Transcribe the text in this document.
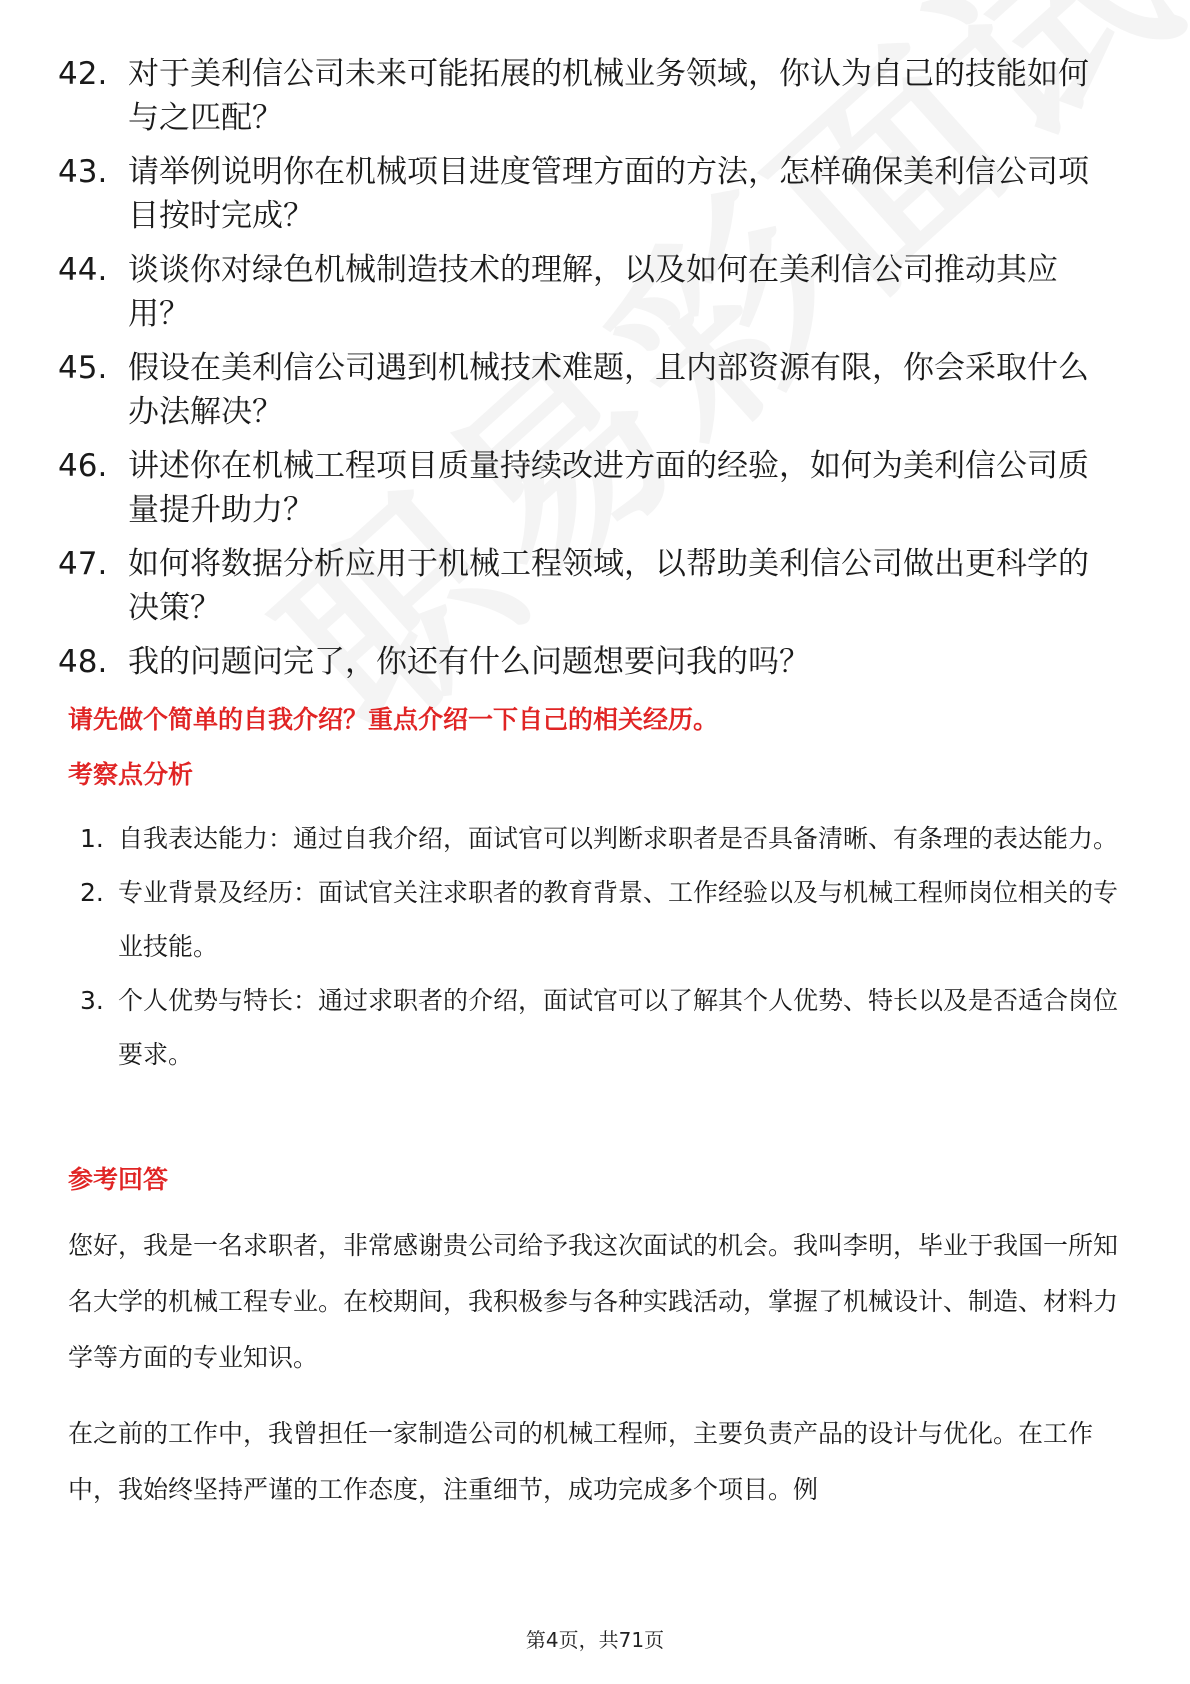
42. 对于美利信公司未来可能拓展的机械业务领域，你认为自己的技能如何与之匹配？
43. 请举例说明你在机械项目进度管理方面的方法，怎样确保美利信公司项目按时完成？
44. 谈谈你对绿色机械制造技术的理解，以及如何在美利信公司推动其应用？
45. 假设在美利信公司遇到机械技术难题，且内部资源有限，你会采取什么办法解决？
46. 讲述你在机械工程项目质量持续改进方面的经验，如何为美利信公司质量提升助力？
47. 如何将数据分析应用于机械工程领域，以帮助美利信公司做出更科学的决策？
48. 我的问题问完了，你还有什么问题想要问我的吗？
请先做个简单的自我介绍？重点介绍一下自己的相关经历。
考察点分析
1. 自我表达能力：通过自我介绍，面试官可以判断求职者是否具备清晰、有条理的表达能力。
2. 专业背景及经历：面试官关注求职者的教育背景、工作经验以及与机械工程师岗位相关的专业技能。
3. 个人优势与特长：通过求职者的介绍，面试官可以了解其个人优势、特长以及是否适合岗位要求。
参考回答
您好，我是一名求职者，非常感谢贵公司给予我这次面试的机会。我叫李明，毕业于我国一所知名大学的机械工程专业。在校期间，我积极参与各种实践活动，掌握了机械设计、制造、材料力学等方面的专业知识。
在之前的工作中，我曾担任一家制造公司的机械工程师，主要负责产品的设计与优化。在工作中，我始终坚持严谨的工作态度，注重细节，成功完成多个项目。例
第4页，共71页
